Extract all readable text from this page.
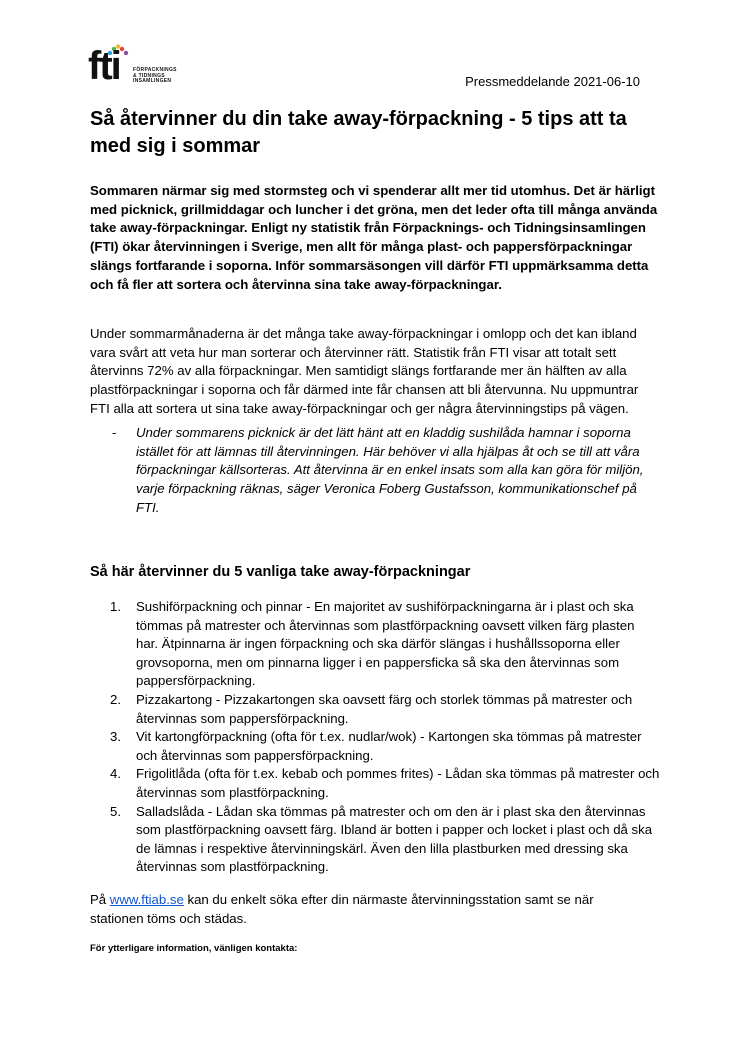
fti	FÖRPACKNINGS
& TIDNINGS
INSAMLINGEN	Pressmeddelande 2021-06-10
Så återvinner du din take away-förpackning - 5 tips att ta med sig i sommar

Sommaren närmar sig med stormsteg och vi spenderar allt mer tid utomhus. Det är härligt med picknick, grillmiddagar och luncher i det gröna, men det leder ofta till många använda take away-förpackningar. Enligt ny statistik från Förpacknings- och Tidningsinsamlingen (FTI) ökar återvinningen i Sverige, men allt för många plast- och pappersförpackningar slängs fortfarande i soporna. Inför sommarsäsongen vill därför FTI uppmärksamma detta och få fler att sortera och återvinna sina take away-förpackningar.

Under sommarmånaderna är det många take away-förpackningar i omlopp och det kan ibland vara svårt att veta hur man sorterar och återvinner rätt. Statistik från FTI visar att totalt sett återvinns 72% av alla förpackningar. Men samtidigt slängs fortfarande mer än hälften av alla plastförpackningar i soporna och får därmed inte får chansen att bli återvunna. Nu uppmuntrar FTI alla att sortera ut sina take away-förpackningar och ger några återvinningstips på vägen.

- Under sommarens picknick är det lätt hänt att en kladdig sushilåda hamnar i soporna istället för att lämnas till återvinningen. Här behöver vi alla hjälpas åt och se till att våra förpackningar källsorteras. Att återvinna är en enkel insats som alla kan göra för miljön, varje förpackning räknas, säger Veronica Foberg Gustafsson, kommunikationschef på FTI.
Så här återvinner du 5 vanliga take away-förpackningar
1. Sushiförpackning och pinnar - En majoritet av sushiförpackningarna är i plast och ska tömmas på matrester och återvinnas som plastförpackning oavsett vilken färg plasten har. Ätpinnarna är ingen förpackning och ska därför slängas i hushållssoporna eller grovsoporna, men om pinnarna ligger i en pappersficka så ska den återvinnas som pappersförpackning.
2. Pizzakartong - Pizzakartongen ska oavsett färg och storlek tömmas på matrester och återvinnas som pappersförpackning.
3. Vit kartongförpackning (ofta för t.ex. nudlar/wok) - Kartongen ska tömmas på matrester och återvinnas som pappersförpackning.
4. Frigolitlåda (ofta för t.ex. kebab och pommes frites) - Lådan ska tömmas på matrester och återvinnas som plastförpackning.
5. Salladslåda - Lådan ska tömmas på matrester och om den är i plast ska den återvinnas som plastförpackning oavsett färg. Ibland är botten i papper och locket i plast och då ska de lämnas i respektive återvinningskärl. Även den lilla plastburken med dressing ska återvinnas som plastförpackning.

På www.ftiab.se kan du enkelt söka efter din närmaste återvinningsstation samt se när stationen töms och städas.

För ytterligare information, vänligen kontakta:
